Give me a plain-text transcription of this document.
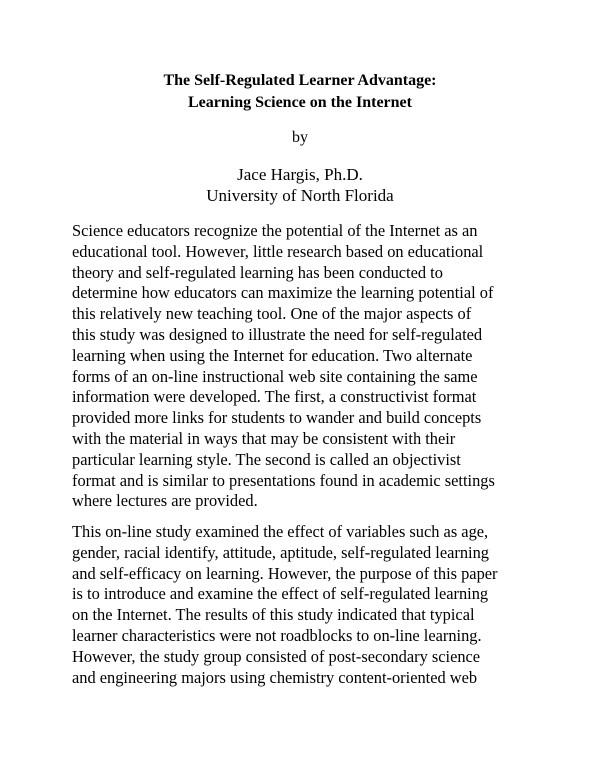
The Self-Regulated Learner Advantage:
Learning Science on the Internet
by
Jace Hargis, Ph.D.
University of North Florida
Science educators recognize the potential of the Internet as an
educational tool. However, little research based on educational
theory and self-regulated learning has been conducted to
determine how educators can maximize the learning potential of
this relatively new teaching tool. One of the major aspects of
this study was designed to illustrate the need for self-regulated
learning when using the Internet for education. Two alternate
forms of an on-line instructional web site containing the same
information were developed. The first, a constructivist format
provided more links for students to wander and build concepts
with the material in ways that may be consistent with their
particular learning style. The second is called an objectivist
format and is similar to presentations found in academic settings
where lectures are provided.
This on-line study examined the effect of variables such as age,
gender, racial identify, attitude, aptitude, self-regulated learning
and self-efficacy on learning. However, the purpose of this paper
is to introduce and examine the effect of self-regulated learning
on the Internet. The results of this study indicated that typical
learner characteristics were not roadblocks to on-line learning.
However, the study group consisted of post-secondary science
and engineering majors using chemistry content-oriented web
